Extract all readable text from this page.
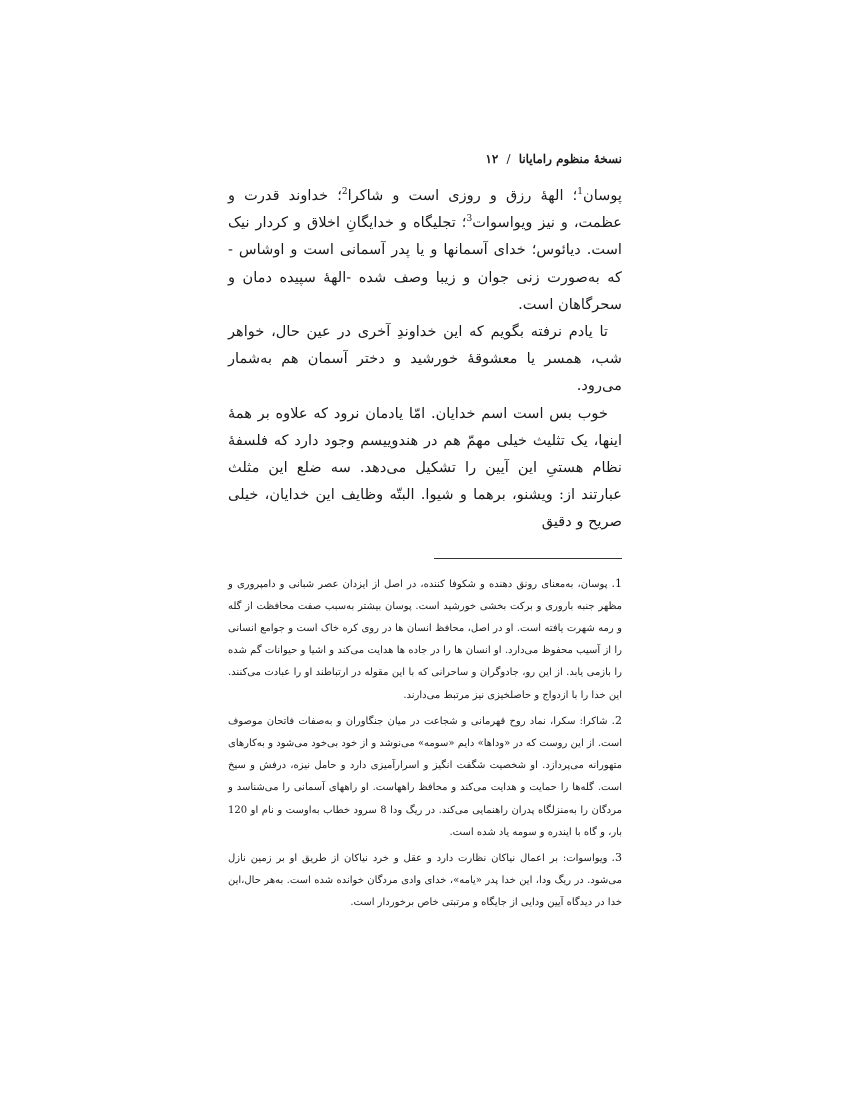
نسخهٔ منظوم رامایانا / ۱۲

پوسان$^1$؛ الههٔ رزق و روزی است و شاکرا$^2$؛ خداوند قدرت و عظمت، و نیز ویواسوات$^3$؛ تجلیگاه و خدایگانِ اخلاق و کردار نیک است. دیائوس؛ خدای آسمانها و یا پدر آسمانی است و اوشاس - که به‌صورت زنی جوان و زیبا وصف شده -الههٔ سپیده دمان و سحرگاهان است.

تا یادم نرفته بگویم که این خداوندِ آخری در عین حال، خواهر شب، همسر یا معشوقهٔ خورشید و دختر آسمان هم به‌شمار می‌رود.

خوب بس است اسم خدایان. امّا یادمان نرود که علاوه بر همهٔ اینها، یک تثلیث خیلی مهمّ هم در هندوییسم وجود دارد که فلسفهٔ نظام هستیِ این آیین را تشکیل می‌دهد. سه ضلع این مثلث عبارتند از: ویشنو، برهما و شیوا. البتّه وظایف این خدایان، خیلی صریح و دقیق

1.پوسان، به‌معنای رونق دهنده و شکوفا کننده، در اصل از ایزدان عصر شبانی و دامپروری و مظهر جنبه باروری و برکت بخشی خورشید است. پوسان بیشتر به‌سبب صفت محافظت از گله و رمه شهرت یافته است. او در اصل، محافظ انسان ها در روی کره خاک است و جوامع انسانی را از آسیب محفوظ می‌دارد. او انسان ها را در جاده ها هدایت می‌کند و اشیا و حیوانات گم شده را بازمی یابد. از این رو، جادوگران و ساحرانی که با این مقوله در ارتباطند او را عبادت می‌کنند. این خدا را با ازدواج و حاصلخیزی نیز مرتبط می‌دارند.

2.شاکرا: سکرا، نماد روح قهرمانی و شجاعت در میان جنگاوران و به‌صفات فاتحان موصوف است. از این روست که در «وداها» دایم «سومه» می‌نوشد و از خود بی‌خود می‌شود و به‌کارهای متهورانه می‌پردازد. او شخصیت شگفت انگیز و اسرارآمیزی دارد و حامل نیزه، درفش و سیخ است. گله‌ها را حمایت و هدایت می‌کند و محافظ راههاست. او راههای آسمانی را می‌شناسد و مردگان را به‌منزلگاه پدران راهنمایی می‌کند. در ریگ ودا 8 سرود خطاب به‌اوست و نام او 120 بار، و گاه با ایندره و سومه یاد شده است.

3.ویواسوات: بر اعمال نیاکان نظارت دارد و عقل و خرد نیاکان از طریق او بر زمین نازل می‌شود. در ریگ ودا، این خدا پدر «یامه»، خدای وادی مردگان خوانده شده است. به‌هر حال،این خدا در دیدگاه آیین ودایی از جایگاه و مرتبتی خاص برخوردار است.
